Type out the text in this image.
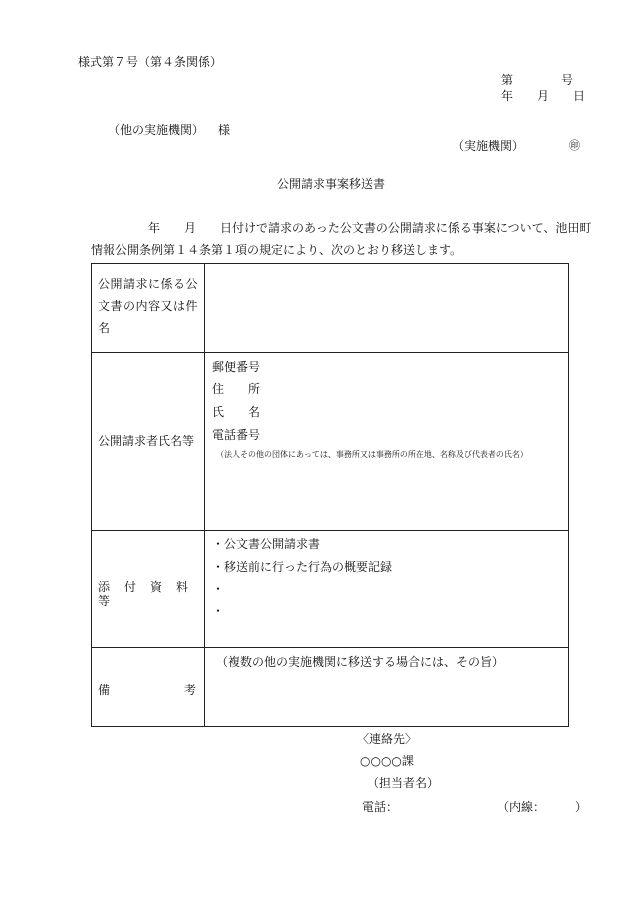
様式第７号（第４条関係）
第　　　　号
年　　月　　日
（他の実施機関） 様
（実施機関）	㊞
公開請求事案移送書
年　　月　　日付けで請求のあった公文書の公開請求に係る事案について、池田町
情報公開条例第１４条第１項の規定により、次のとおり移送します。
公開請求に係る公文書の内容又は件名	

公開請求者氏名等	郵便番号
住　　所
氏　　名
電話番号
（法人その他の団体にあっては、事務所又は事務所の所在地、名称及び代表者の氏名）

添　付　資　料　等	・公文書公開請求書
・移送前に行った行為の概要記録
・
・

備 考	（複数の他の実施機関に移送する場合には、その旨）
〈連絡先〉
○○○○課
（担当者名）
電話：	（内線：　　　）
